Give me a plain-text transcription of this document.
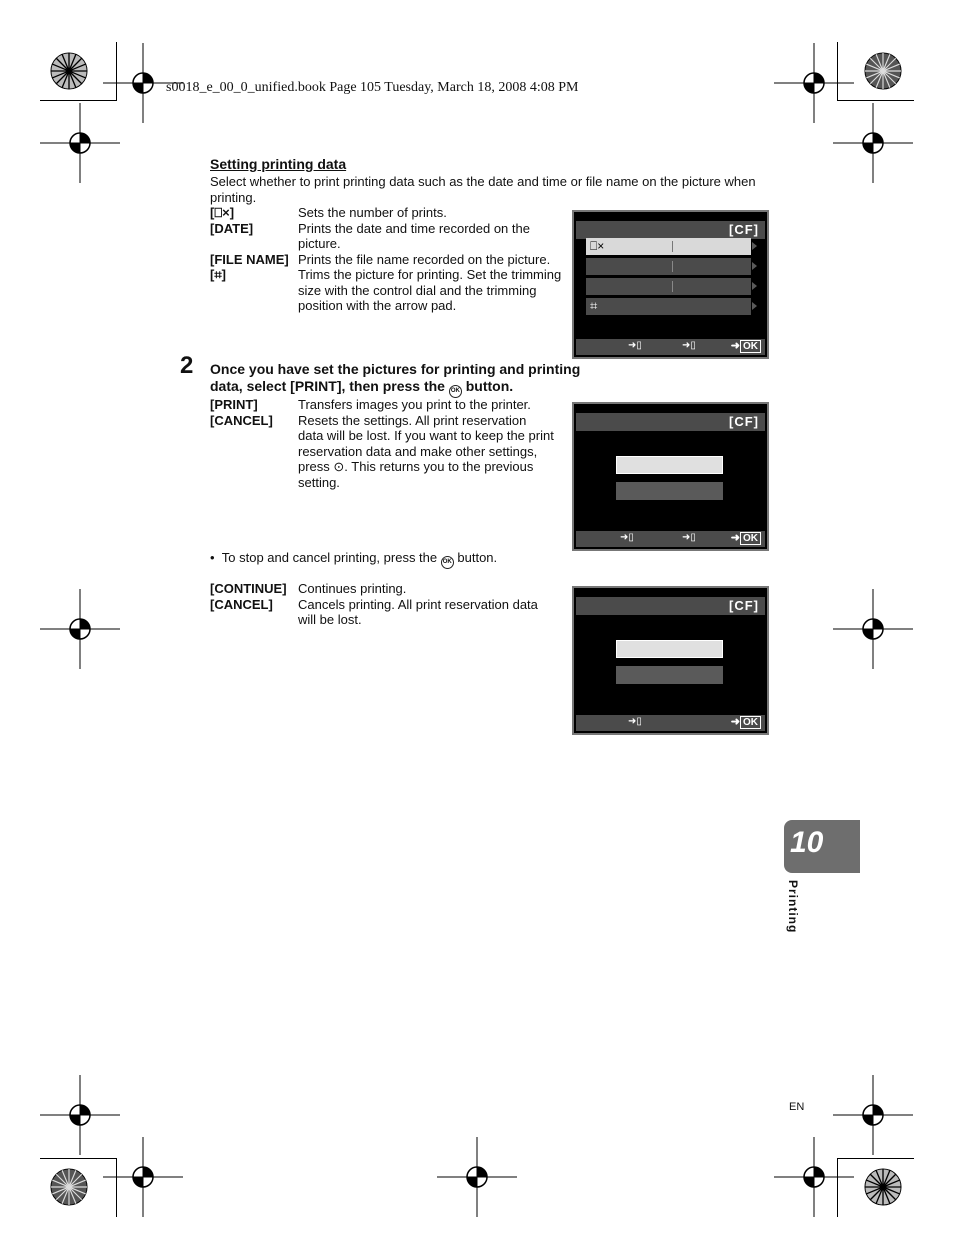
s0018_e_00_0_unified.book Page 105 Tuesday, March 18, 2008 4:08 PM
Setting printing data
Select whether to print printing data such as the date and time or file name on the picture when printing.
[⎕×]	Sets the number of prints.
[DATE]	Prints the date and time recorded on the picture.
[FILE NAME] Prints the file name recorded on the picture.
[⌗]	Trims the picture for printing. Set the trimming size with the control dial and the trimming position with the arrow pad.
[CF]
⎕×
⌗
➜▯	➜▯	➜ OK
2 Once you have set the pictures for printing and printing data, select [PRINT], then press the OK button.
[PRINT]	Transfers images you print to the printer.
[CANCEL] Resets the settings. All print reservation data will be lost. If you want to keep the print reservation data and make other settings, press ⊙. This returns you to the previous setting.
[CF]
➜▯	➜▯	➜ OK
•  To stop and cancel printing, press the OK button.
[CONTINUE] Continues printing.
[CANCEL] Cancels printing. All print reservation data will be lost.
[CF]
➜▯	➜ OK
10
Printing
EN
